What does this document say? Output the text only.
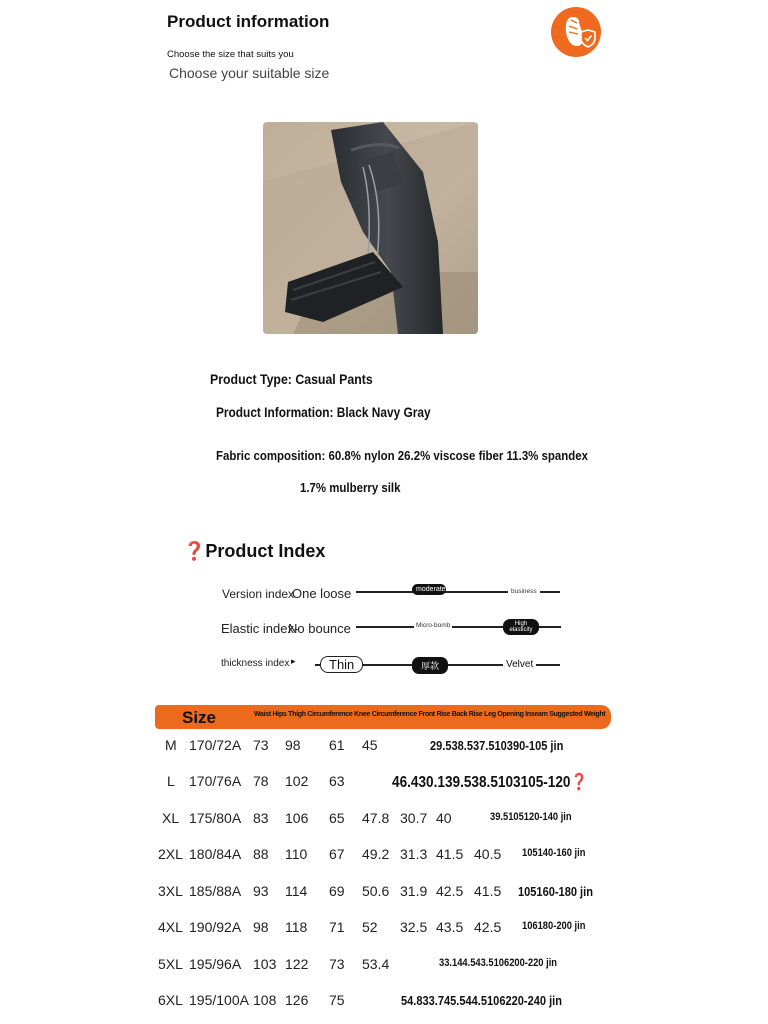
Product information
Choose the size that suits you
Choose your suitable size
Product Type: Casual Pants
Product Information: Black Navy Gray
Fabric composition: 60.8% nylon 26.2% viscose fiber 11.3% spandex
1.7% mulberry silk
❓Product Index
Version index
One loose	moderate	business
Elastic index-
No bounce	Micro-bomb	High elasticity
thickness index ▸	Thin	厚款	Velvet
Size	Waist Hips Thigh Circumference Knee Circumference Front Rise Back Rise Leg Opening Inseam Suggested Weight
M 170/72A 73 98 61 45	29.538.537.510390-105 jin
L 170/76A 78 102 63	46.430.139.538.5103105-120❓
XL 175/80A 83 106 65 47.8 30.7 40	39.5105120-140 jin
2XL 180/84A 88 110 67 49.2 31.3 41.5 40.5 105140-160 jin
3XL 185/88A 93 114 69 50.6 31.9 42.5 41.5 105160-180 jin
4XL 190/92A 98 118 71 52 32.5 43.5 42.5 106180-200 jin
5XL 195/96A 103 122 73 53.4	33.144.543.5106200-220 jin
6XL 195/100A 108 126 75	54.833.745.544.5106220-240 jin
